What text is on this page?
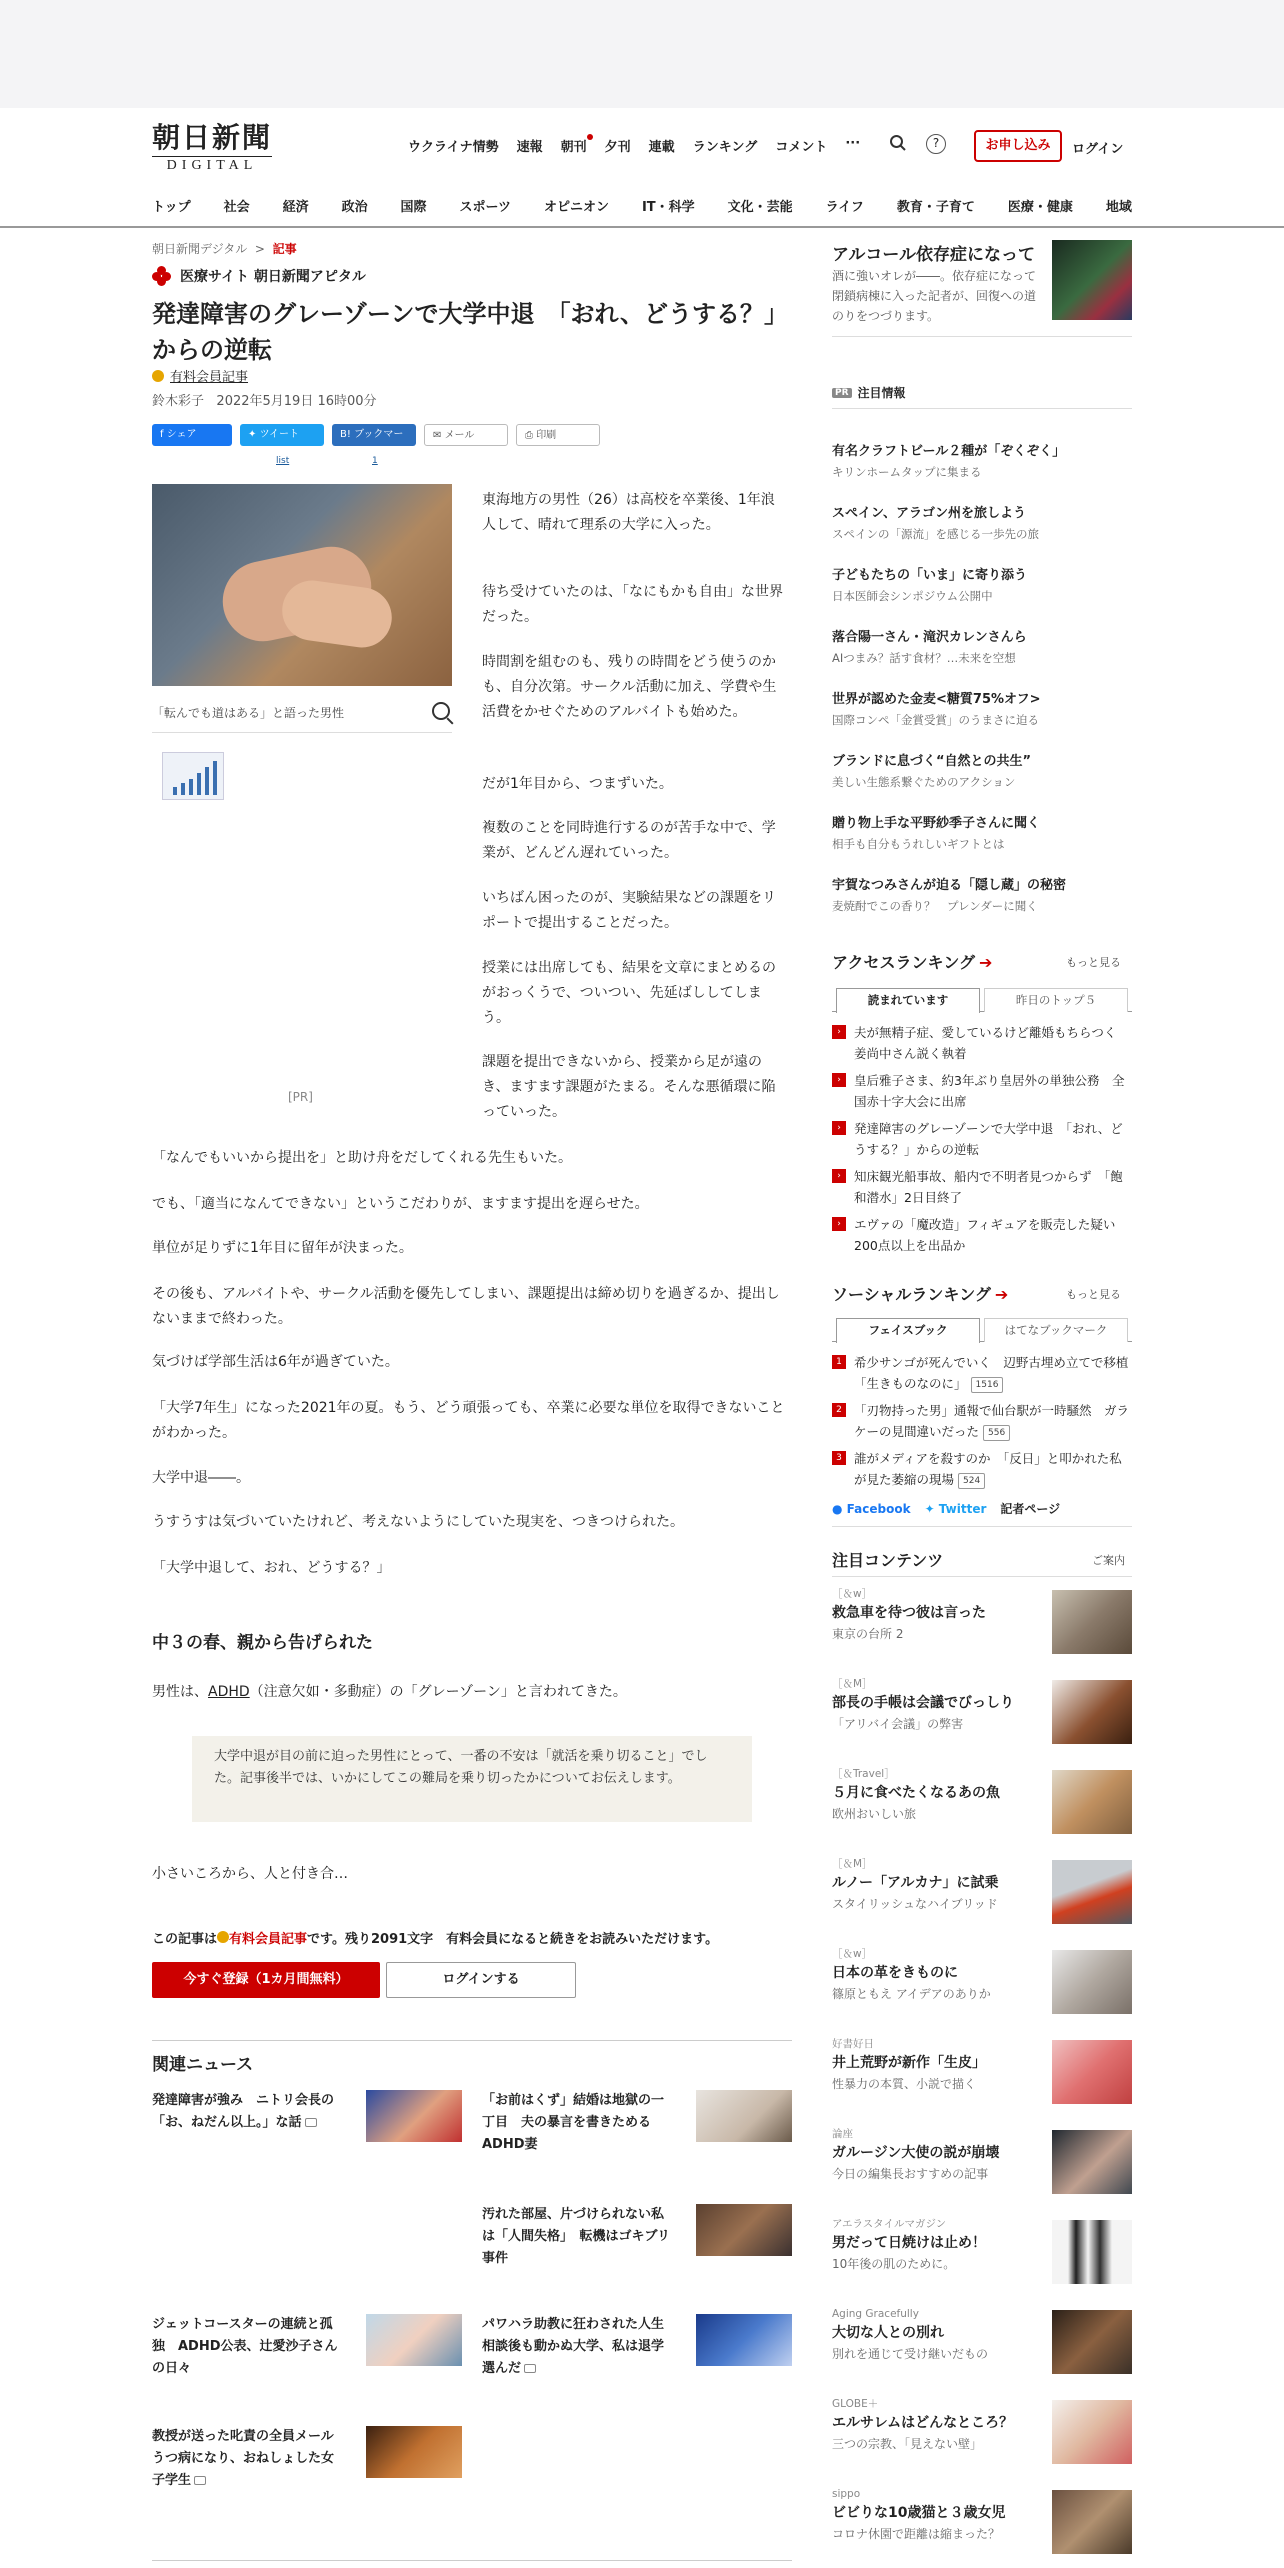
朝日新聞
DIGITAL
ウクライナ情勢 速報 朝刊 夕刊 連載 ランキング コメント ···	?	お申し込み	ログイン
トップ	社会	経済	政治	国際	スポーツ	オピニオン	IT・科学	文化・芸能	ライフ	教育・子育て	医療・健康	地域
朝日新聞デジタル  >  記事
医療サイト 朝日新聞アピタル
発達障害のグレーゾーンで大学中退　「おれ、どうする？」からの逆転
有料会員記事
鈴木彩子 2022年5月19日 16時00分
f シェア	✦ ツイート
list
B! ブックマーク 1
✉ メール	⎙ 印刷
「転んでも道はある」と語った男性
[PR]

東海地方の男性（26）は高校を卒業後、1年浪人して、晴れて理系の大学に入った。

待ち受けていたのは、「なにもかも自由」な世界だった。

時間割を組むのも、残りの時間をどう使うのかも、自分次第。サークル活動に加え、学費や生活費をかせぐためのアルバイトも始めた。

だが1年目から、つまずいた。

複数のことを同時進行するのが苦手な中で、学業が、どんどん遅れていった。

いちばん困ったのが、実験結果などの課題をリポートで提出することだった。

授業には出席しても、結果を文章にまとめるのがおっくうで、ついつい、先延ばししてしまう。

課題を提出できないから、授業から足が遠のき、ますます課題がたまる。そんな悪循環に陥っていった。

「なんでもいいから提出を」と助け舟をだしてくれる先生もいた。

でも、「適当になんてできない」というこだわりが、ますます提出を遅らせた。

単位が足りずに1年目に留年が決まった。

その後も、アルバイトや、サークル活動を優先してしまい、課題提出は締め切りを過ぎるか、提出しないままで終わった。

気づけば学部生活は6年が過ぎていた。

「大学7年生」になった2021年の夏。もう、どう頑張っても、卒業に必要な単位を取得できないことがわかった。

大学中退――。

うすうすは気づいていたけれど、考えないようにしていた現実を、つきつけられた。

「大学中退して、おれ、どうする？」

中３の春、親から告げられた

男性は、ADHD（注意欠如・多動症）の「グレーゾーン」と言われてきた。

大学中退が目の前に迫った男性にとって、一番の不安は「就活を乗り切ること」でした。記事後半では、いかにしてこの難局を乗り切ったかについてお伝えします。

小さいころから、人と付き合…

この記事は 有料会員記事です。残り2091文字　有料会員になると続きをお読みいただけます。
今すぐ登録（1カ月間無料）	ログインする
関連ニュース
発達障害が強み　ニトリ会長の「お、ねだん以上。」な話
「お前はくず」結婚は地獄の一丁目　夫の暴言を書きためるADHD妻
汚れた部屋、片づけられない私は「人間失格」　転機はゴキブリ事件
ジェットコースターの連続と孤独　ADHD公表、辻愛沙子さんの日々
パワハラ助教に狂わされた人生　相談後も動かぬ大学、私は退学選んだ
教授が送った叱責の全員メール　うつ病になり、おねしょした女子学生
アルコール依存症になって
酒に強いオレが――。依存症になって閉鎖病棟に入った記者が、回復への道のりをつづります。
PR 注目情報
有名クラフトビール２種が「ぞくぞく」
キリンホームタップに集まる
スペイン、アラゴン州を旅しよう
スペインの「源流」を感じる一歩先の旅
子どもたちの「いま」に寄り添う
日本医師会シンポジウム公開中
落合陽一さん・滝沢カレンさんら
AIつまみ？話す食材？…未来を空想
世界が認めた金麦<糖質75%オフ>
国際コンペ「金賞受賞」のうまさに迫る
ブランドに息づく“自然との共生”
美しい生態系繋ぐためのアクション
贈り物上手な平野紗季子さんに聞く
相手も自分もうれしいギフトとは
宇賀なつみさんが迫る「隠し蔵」の秘密
麦焼酎でこの香り？　プレンダーに聞く
アクセスランキング ➔	もっと見る
読まれています	昨日のトップ５
›	夫が無精子症、愛しているけど離婚もちらつく　姜尚中さん説く執着
›	皇后雅子さま、約3年ぶり皇居外の単独公務　全国赤十字大会に出席
›	発達障害のグレーゾーンで大学中退　「おれ、どうする？」からの逆転
›	知床観光船事故、船内で不明者見つからず　「飽和潜水」2日目終了
›	エヴァの「魔改造」フィギュアを販売した疑い　200点以上を出品か
ソーシャルランキング ➔	もっと見る
フェイスブック	はてなブックマーク
1 希少サンゴが死んでいく　辺野古埋め立てで移植「生きものなのに」 1516
2 「刃物持った男」通報で仙台駅が一時騒然　ガラケーの見間違いだった 556
3 誰がメディアを殺すのか　「反日」と叩かれた私が見た萎縮の現場 524
● Facebook ✦ Twitter 記者ページ
注目コンテンツ	ご案内
［＆w］
救急車を待つ彼は言った
東京の台所 2
［＆M］
部長の手帳は会議でびっしり
「アリバイ会議」の弊害
［＆Travel］
５月に食べたくなるあの魚
欧州おいしい旅
［＆M］
ルノー「アルカナ」に試乗
スタイリッシュなハイブリッド
［＆w］
日本の革をきものに
篠原ともえ アイデアのありか
好書好日
井上荒野が新作「生皮」
性暴力の本質、小説で描く
論座
ガルージン大使の説が崩壊
今日の編集長おすすめの記事
アエラスタイルマガジン
男だって日焼けは止め！
10年後の肌のために。
Aging Gracefully
大切な人との別れ
別れを通じて受け継いだもの
GLOBE＋
エルサレムはどんなところ？
三つの宗教、「見えない壁」
sippo
ビビりな10歳猫と３歳女児
コロナ休園で距離は縮まった？
